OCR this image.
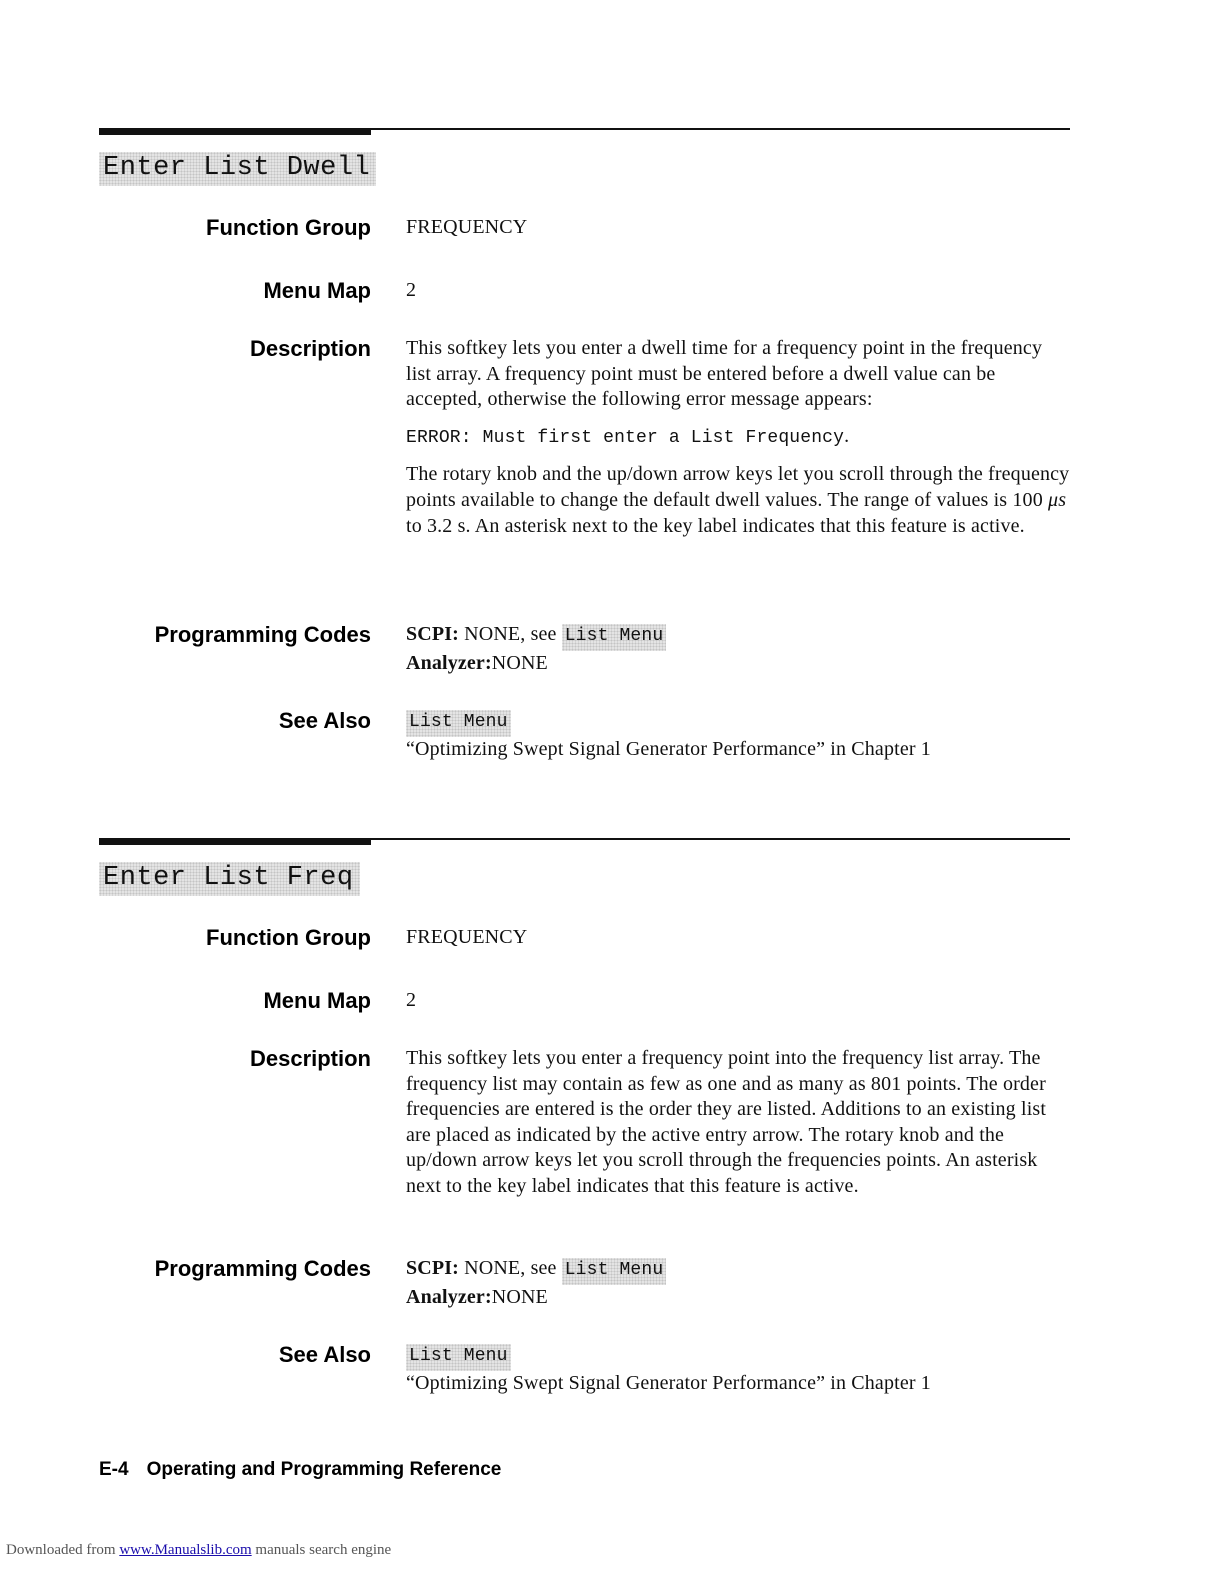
Enter List Dwell
Function Group FREQUENCY
Menu Map 2
Description This softkey lets you enter a dwell time for a frequency point in the frequency list array. A frequency point must be entered before a dwell value can be accepted, otherwise the following error message appears:

ERROR: Must first enter a List Frequency.

The rotary knob and the up/down arrow keys let you scroll through the frequency points available to change the default dwell values. The range of values is 100 μs to 3.2 s. An asterisk next to the key label indicates that this feature is active.

Programming Codes SCPI: NONE, see List Menu

Analyzer:NONE

See Also List Menu

“Optimizing Swept Signal Generator Performance” in Chapter 1

Enter List Freq
Function Group FREQUENCY
Menu Map 2
Description This softkey lets you enter a frequency point into the frequency list array. The frequency list may contain as few as one and as many as 801 points. The order frequencies are entered is the order they are listed. Additions to an existing list are placed as indicated by the active entry arrow. The rotary knob and the up/down arrow keys let you scroll through the frequencies points. An asterisk next to the key label indicates that this feature is active.

Programming Codes SCPI: NONE, see List Menu

Analyzer:NONE

See Also List Menu

“Optimizing Swept Signal Generator Performance” in Chapter 1

E-4 Operating and Programming Reference
Downloaded from www.Manualslib.com manuals search engine
